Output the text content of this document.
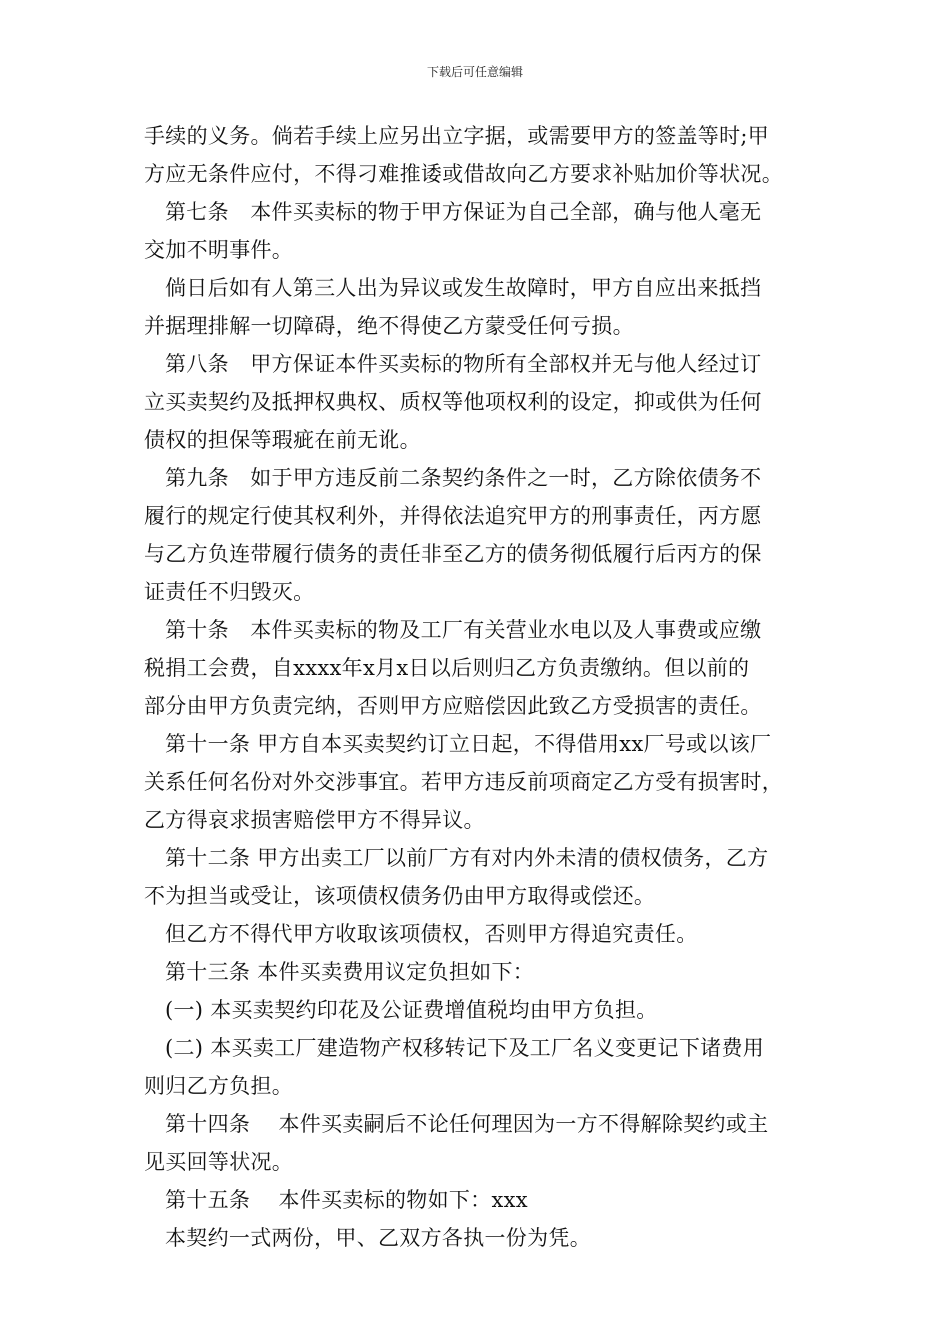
下载后可任意编辑
手续的义务。倘若手续上应另出立字据，或需要甲方的签盖等时;甲
方应无条件应付，不得刁难推诿或借故向乙方要求补贴加价等状况。
第七条　本件买卖标的物于甲方保证为自己全部，确与他人毫无
交加不明事件。
倘日后如有人第三人出为异议或发生故障时，甲方自应出来抵挡
并据理排解一切障碍，绝不得使乙方蒙受任何亏损。
第八条　甲方保证本件买卖标的物所有全部权并无与他人经过订
立买卖契约及抵押权典权、质权等他项权利的设定，抑或供为任何
债权的担保等瑕疵在前无讹。
第九条　如于甲方违反前二条契约条件之一时，乙方除依债务不
履行的规定行使其权利外，并得依法追究甲方的刑事责任，丙方愿
与乙方负连带履行债务的责任非至乙方的债务彻低履行后丙方的保
证责任不归毁灭。
第十条　本件买卖标的物及工厂有关营业水电以及人事费或应缴
税捐工会费，自xxxx年x月x日以后则归乙方负责缴纳。但以前的
部分由甲方负责完纳，否则甲方应赔偿因此致乙方受损害的责任。
第十一条 甲方自本买卖契约订立日起，不得借用xx厂号或以该厂
关系任何名份对外交涉事宜。若甲方违反前项商定乙方受有损害时，
乙方得哀求损害赔偿甲方不得异议。
第十二条 甲方出卖工厂以前厂方有对内外未清的债权债务，乙方
不为担当或受让，该项债权债务仍由甲方取得或偿还。
但乙方不得代甲方收取该项债权，否则甲方得追究责任。
第十三条 本件买卖费用议定负担如下：
(一) 本买卖契约印花及公证费增值税均由甲方负担。
(二) 本买卖工厂建造物产权移转记下及工厂名义变更记下诸费用
则归乙方负担。
第十四条　 本件买卖嗣后不论任何理因为一方不得解除契约或主
见买回等状况。
第十五条　 本件买卖标的物如下：xxx
本契约一式两份，甲、乙双方各执一份为凭。
